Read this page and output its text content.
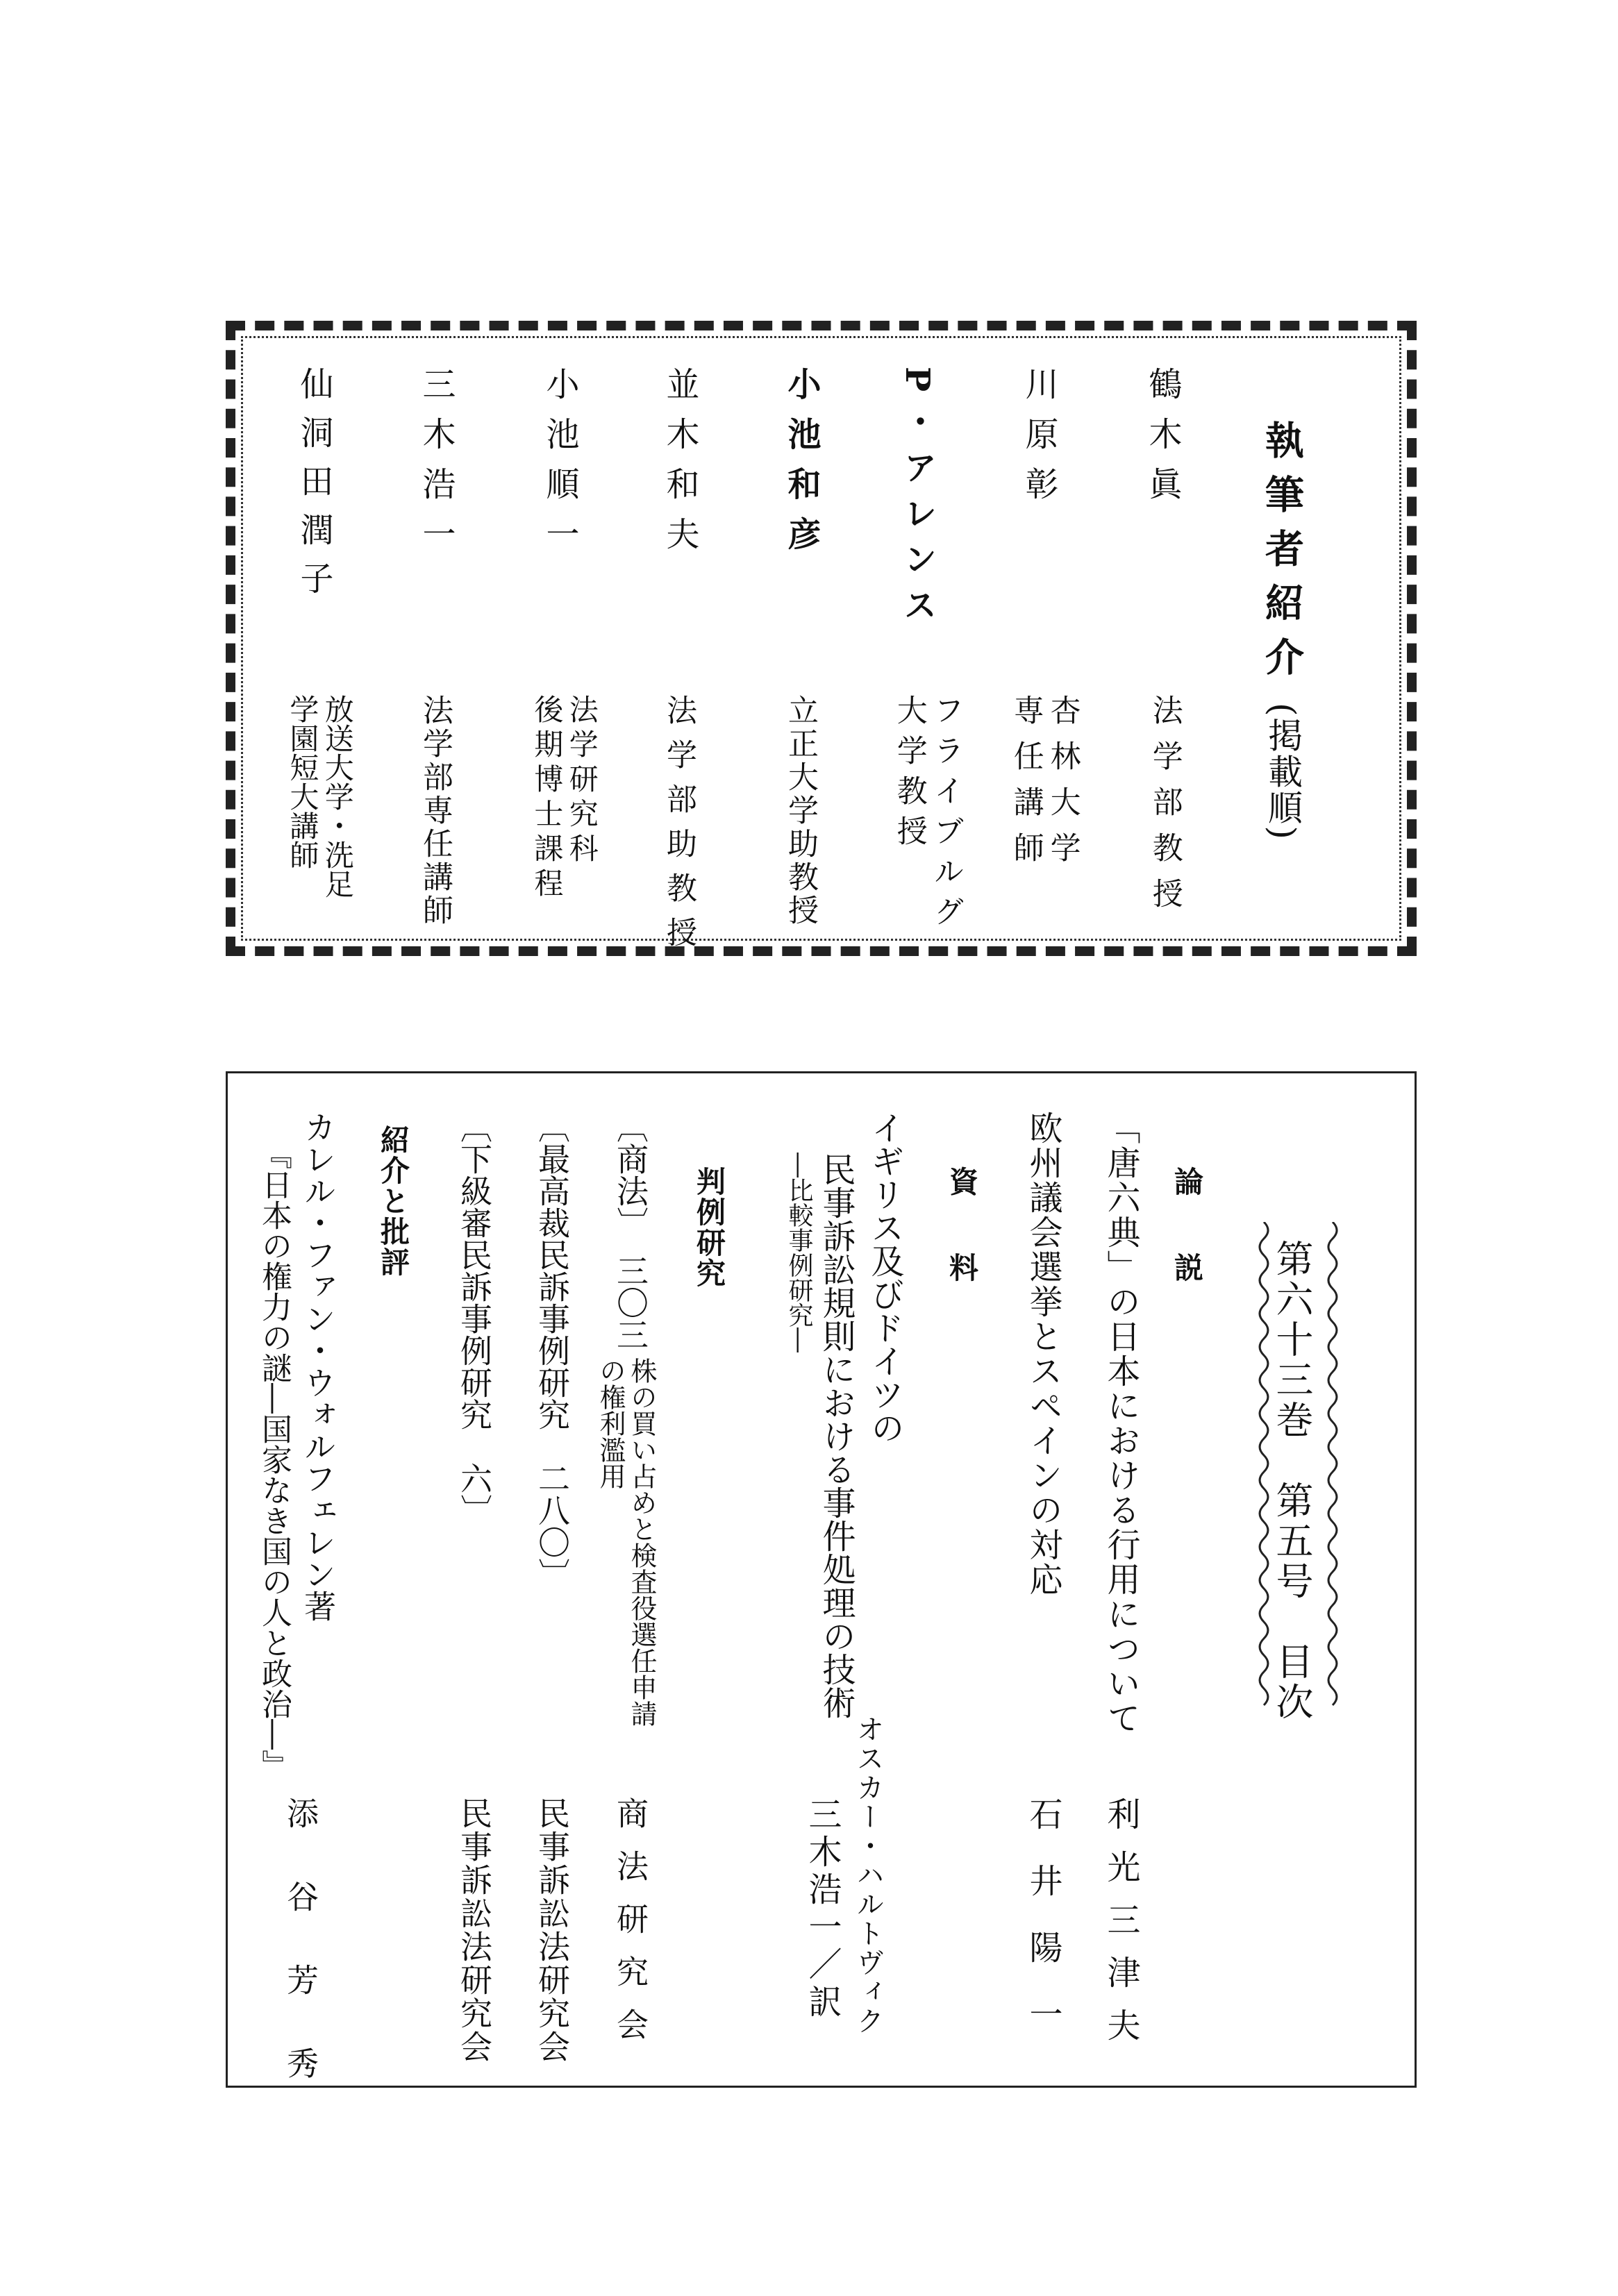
執筆者紹介
(掲載順)
鶴木眞
法学部教授
川原彰
杏林大学
専任講師
P・アレンス
フライブルグ
大学教授
小池和彦
立正大学助教授
並木和夫
法学部助教授
小池順一
法学研究科
後期博士課程
三木浩一
法学部専任講師
仙洞田潤子
放送大学・洗足
学園短大講師
第六十三巻　第五号　目次
論　説
「唐六典」の日本における行用について
利光三津夫
欧州議会選挙とスペインの対応
石井陽一
資　料
イギリス及びドイツの
民事訴訟規則における事件処理の技術
―比較事例研究―
オスカー・ハルトヴィク
三木浩一／訳
判例研究
〔商法〕　三〇三
株の買い占めと検査役選任申請
の権利濫用
商法研究会
〔最高裁民訴事例研究　二八〇〕
民事訴訟法研究会
〔下級審民訴事例研究　六〕
民事訴訟法研究会
紹介と批評
カレル・ファン・ウォルフェレン著
『日本の権力の謎―国家なき国の人と政治―』
添谷芳秀
